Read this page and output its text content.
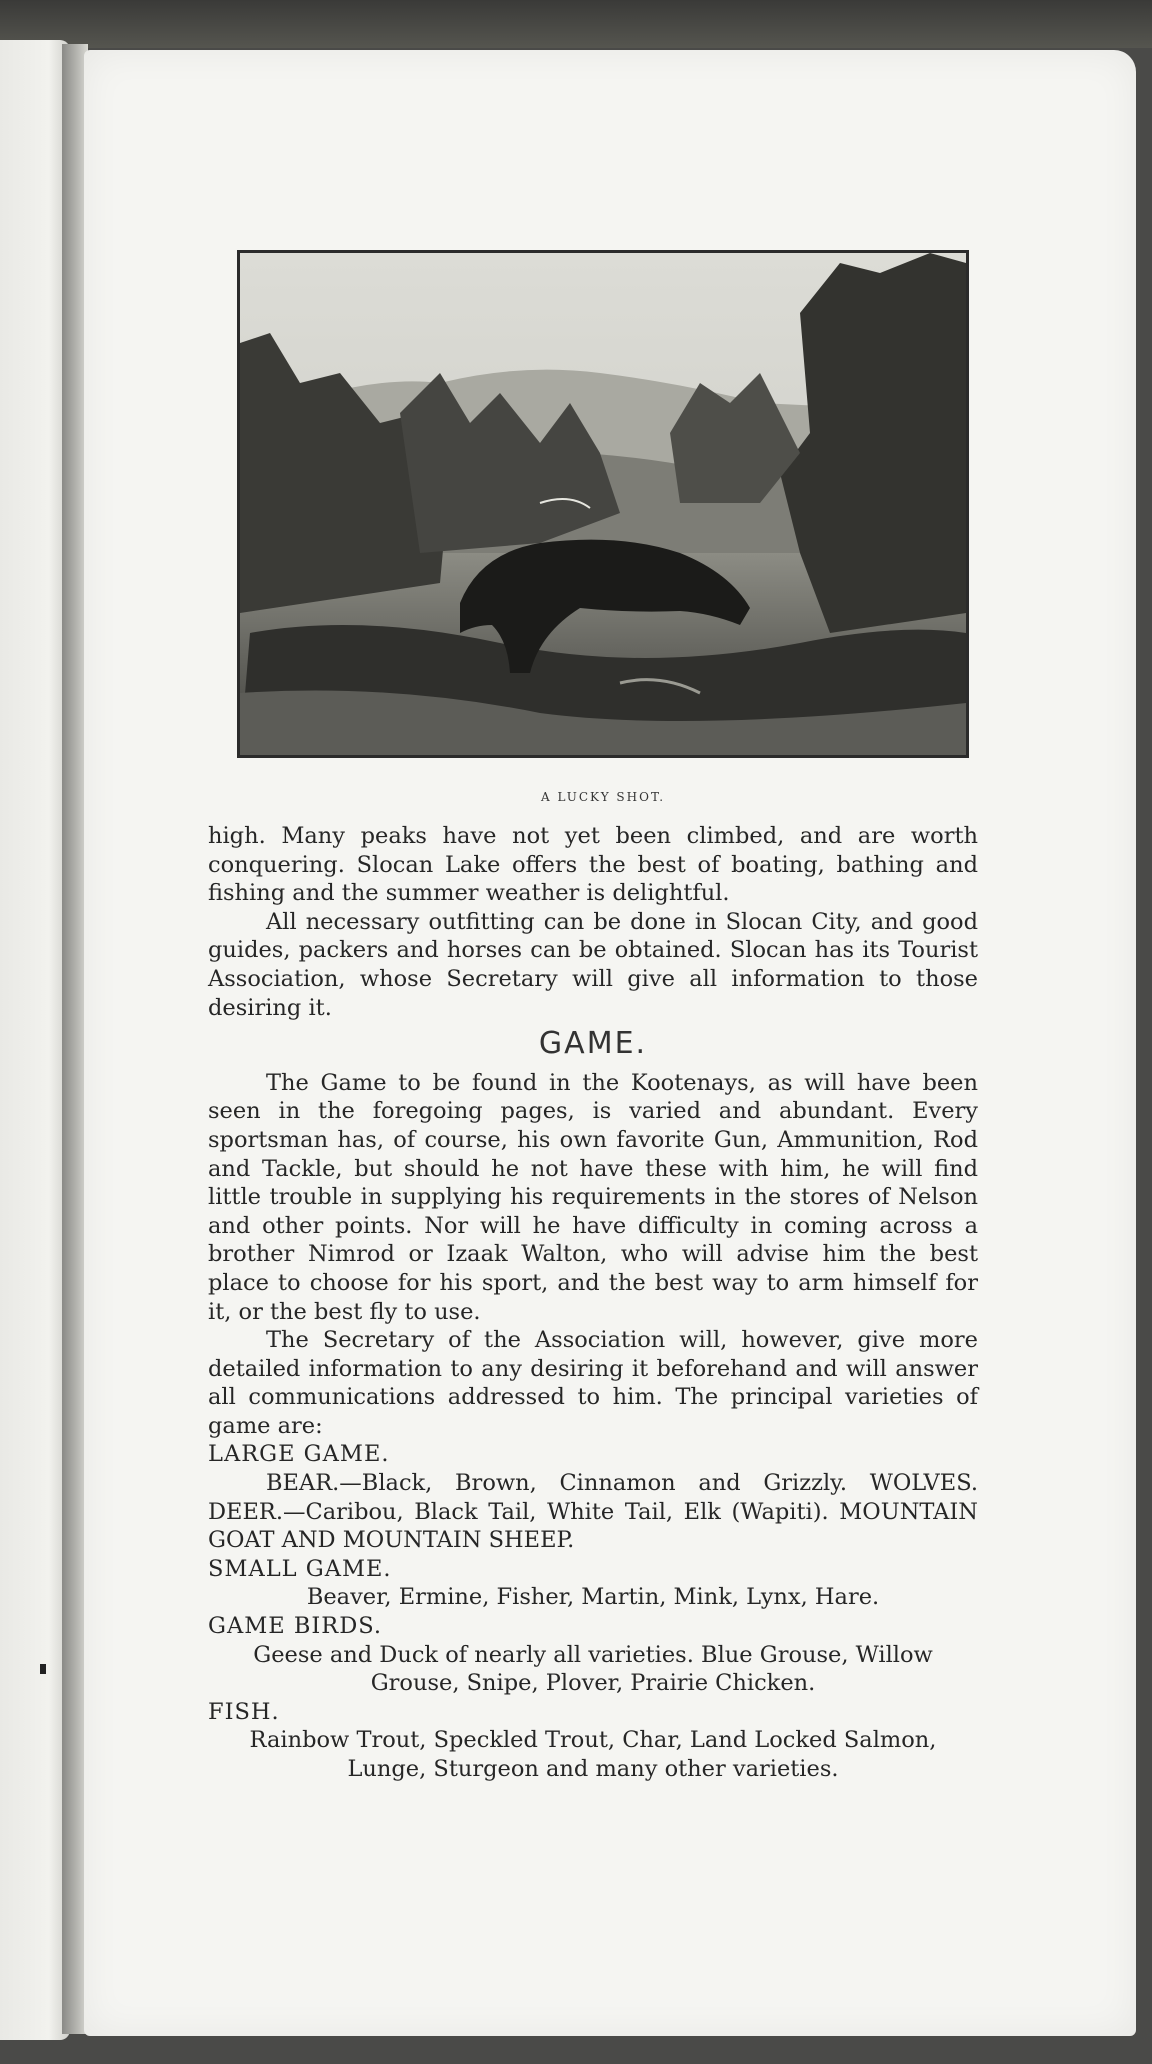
A LUCKY SHOT.

high. Many peaks have not yet been climbed, and are worth conquering. Slocan Lake offers the best of boating, bathing and fishing and the summer weather is delightful.

All necessary outfitting can be done in Slocan City, and good guides, packers and horses can be obtained. Slocan has its Tourist Association, whose Secretary will give all information to those desiring it.

GAME.

The Game to be found in the Kootenays, as will have been seen in the foregoing pages, is varied and abundant. Every sportsman has, of course, his own favorite Gun, Ammunition, Rod and Tackle, but should he not have these with him, he will find little trouble in supplying his requirements in the stores of Nelson and other points. Nor will he have difficulty in coming across a brother Nimrod or Izaak Walton, who will advise him the best place to choose for his sport, and the best way to arm himself for it, or the best fly to use.

The Secretary of the Association will, however, give more detailed information to any desiring it beforehand and will answer all communications addressed to him. The principal varieties of game are:

LARGE GAME.

BEAR.—Black, Brown, Cinnamon and Grizzly. WOLVES. DEER.—Caribou, Black Tail, White Tail, Elk (Wapiti). MOUNTAIN GOAT AND MOUNTAIN SHEEP.

SMALL GAME.

Beaver, Ermine, Fisher, Martin, Mink, Lynx, Hare.

GAME BIRDS.

Geese and Duck of nearly all varieties. Blue Grouse, Willow Grouse, Snipe, Plover, Prairie Chicken.

FISH.

Rainbow Trout, Speckled Trout, Char, Land Locked Salmon, Lunge, Sturgeon and many other varieties.
